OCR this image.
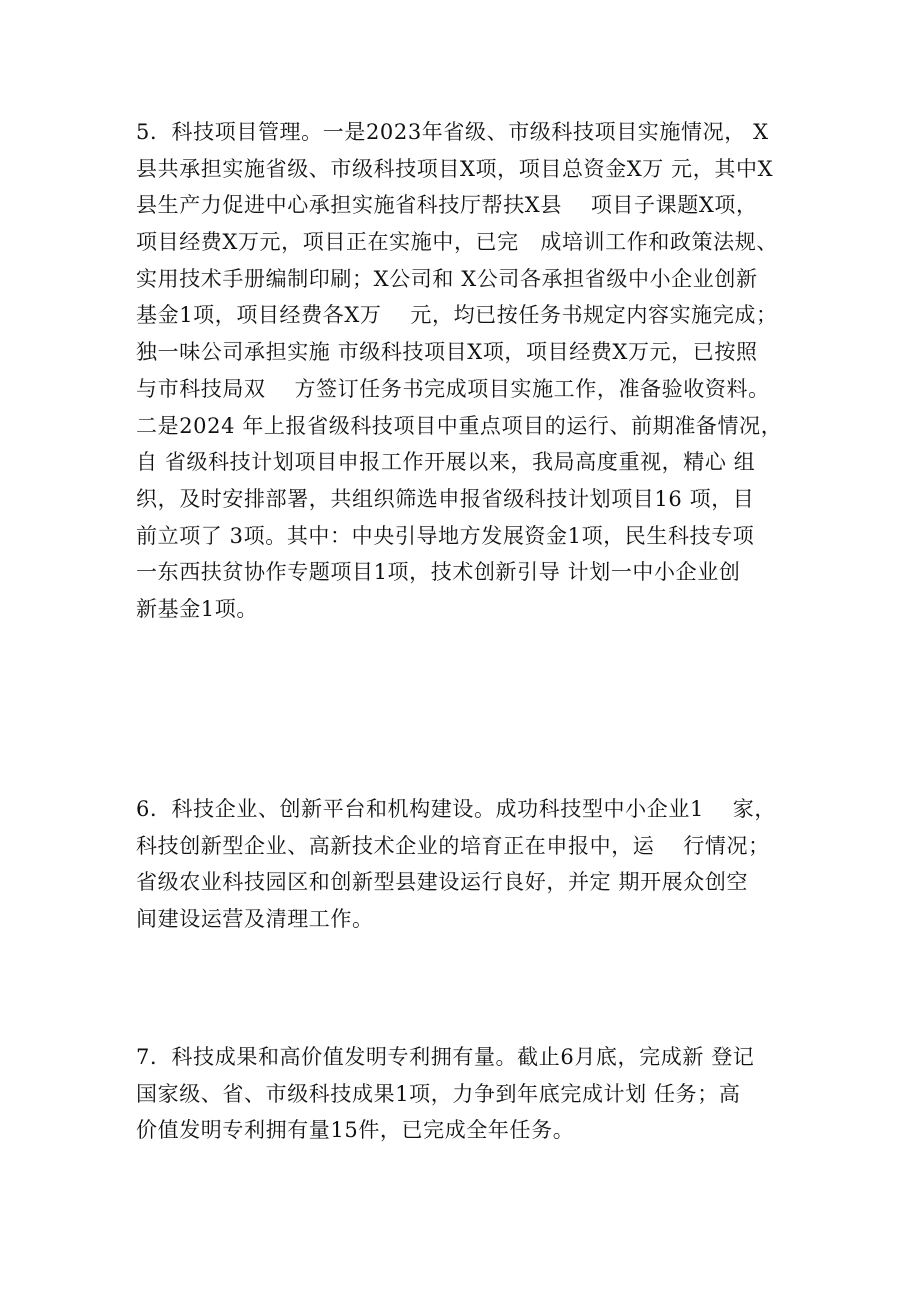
5．科技项目管理。一是2023年省级、市级科技项目实施情况， X
县共承担实施省级、市级科技项目X项，项目总资金X万 元，其中X
县生产力促进中心承担实施省科技厅帮扶X县　 项目子课题X项，
项目经费X万元，项目正在实施中，已完　成培训工作和政策法规、
实用技术手册编制印刷；X公司和 X公司各承担省级中小企业创新
基金1项，项目经费各X万　 元，均已按任务书规定内容实施完成；
独一味公司承担实施 市级科技项目X项，项目经费X万元，已按照
与市科技局双　 方签订任务书完成项目实施工作，准备验收资料。
二是2024 年上报省级科技项目中重点项目的运行、前期准备情况，
自 省级科技计划项目申报工作开展以来，我局高度重视，精心 组
织，及时安排部署，共组织筛选申报省级科技计划项目16 项，目
前立项了 3项。其中：中央引导地方发展资金1项，民生科技专项
一东西扶贫协作专题项目1项，技术创新引导 计划一中小企业创
新基金1项。
6．科技企业、创新平台和机构建设。成功科技型中小企业1　 家，
科技创新型企业、高新技术企业的培育正在申报中，运　 行情况；
省级农业科技园区和创新型县建设运行良好，并定 期开展众创空
间建设运营及清理工作。
7．科技成果和高价值发明专利拥有量。截止6月底，完成新 登记
国家级、省、市级科技成果1项，力争到年底完成计划 任务；高
价值发明专利拥有量15件，已完成全年任务。
